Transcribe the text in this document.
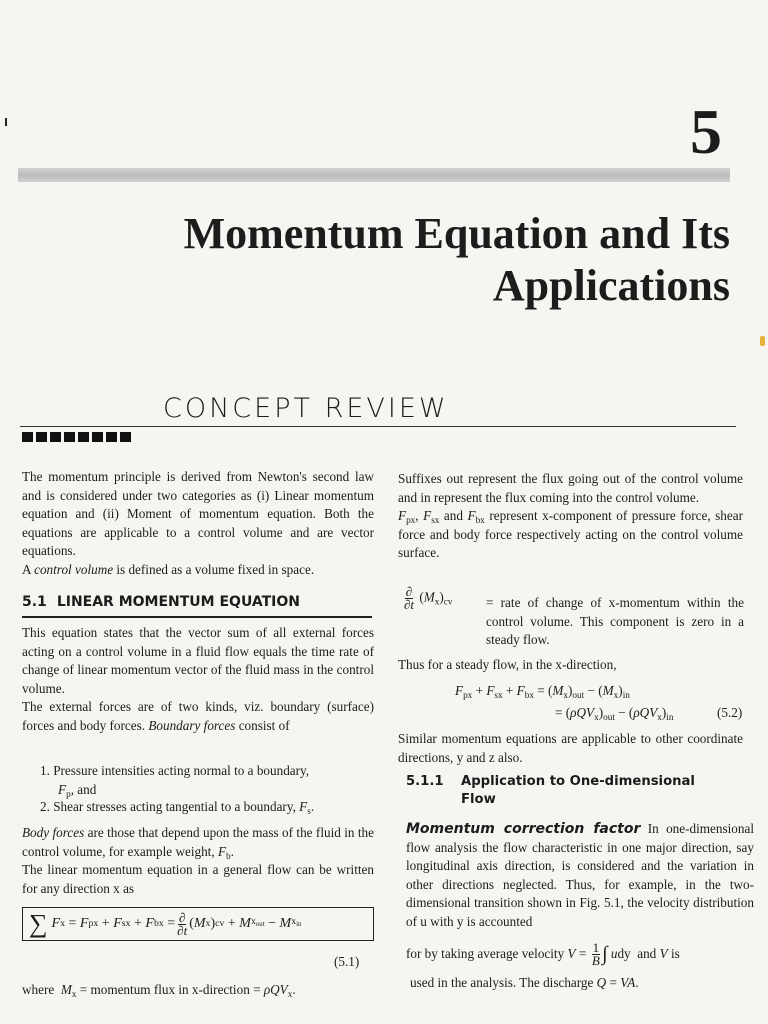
5
Momentum Equation and Its
Applications
CONCEPT REVIEW

The momentum principle is derived from Newton's second law and is considered under two categories as (i) Linear momentum equation and (ii) Moment of momentum equation. Both the equations are applicable to a control volume and are vector equations.

A control volume is defined as a volume fixed in space.

5.1 LINEAR MOMENTUM EQUATION

This equation states that the vector sum of all external forces acting on a control volume in a fluid flow equals the time rate of change of linear momentum vector of the fluid mass in the control volume.

The external forces are of two kinds, viz. boundary (surface) forces and body forces. Boundary forces consist of

1. Pressure intensities acting normal to a boundary,
$F_p$, and
2. Shear stresses acting tangential to a boundary, $F_s$.

Body forces are those that depend upon the mass of the fluid in the control volume, for example weight, $F_b$.

The linear momentum equation in a general flow can be written for any direction x as

∑ F x = F px + F sx + F bx = $\frac{\partial}{\partial t}$ ( M x ) cv + M $x_{out} - M$ $x_{in}$
(5.1)
where $M_x$ = momentum flux in x-direction = ρQV$_x$.

Suffixes out represent the flux going out of the control volume and in represent the flux coming into the control volume.

$F_{px}$, $F_{sx}$ and $F_{bx}$ represent x-component of pressure force, shear force and body force respectively acting on the control volume surface.

$\frac{\partial}{\partial t} (M_x)_{cv}$	= rate of change of x-momentum within the control volume. This component is zero in a steady flow.
Thus for a steady flow, in the x-direction,
$F_{px} + F_{sx} + F_{bx} = (M_x)_{out} - (M_x)_{in}$
= $(\rho QV_x)_{out} - (\rho QV_x)_{in}$	(5.2)
Similar momentum equations are applicable to other coordinate directions, y and z also.
5.1.1 Application to One-dimensional
Flow
Momentum correction factor In one-dimensional flow analysis the flow characteristic in one major direction, say longitudinal axis direction, is considered and the variation in other directions neglected. Thus, for example, in the two-dimensional transition shown in Fig. 5.1, the velocity distribution of u with y is accounted
for by taking average velocity
$V = \frac{1}{B}$ ∫
u dy and V is
used in the analysis. The discharge Q = VA.
